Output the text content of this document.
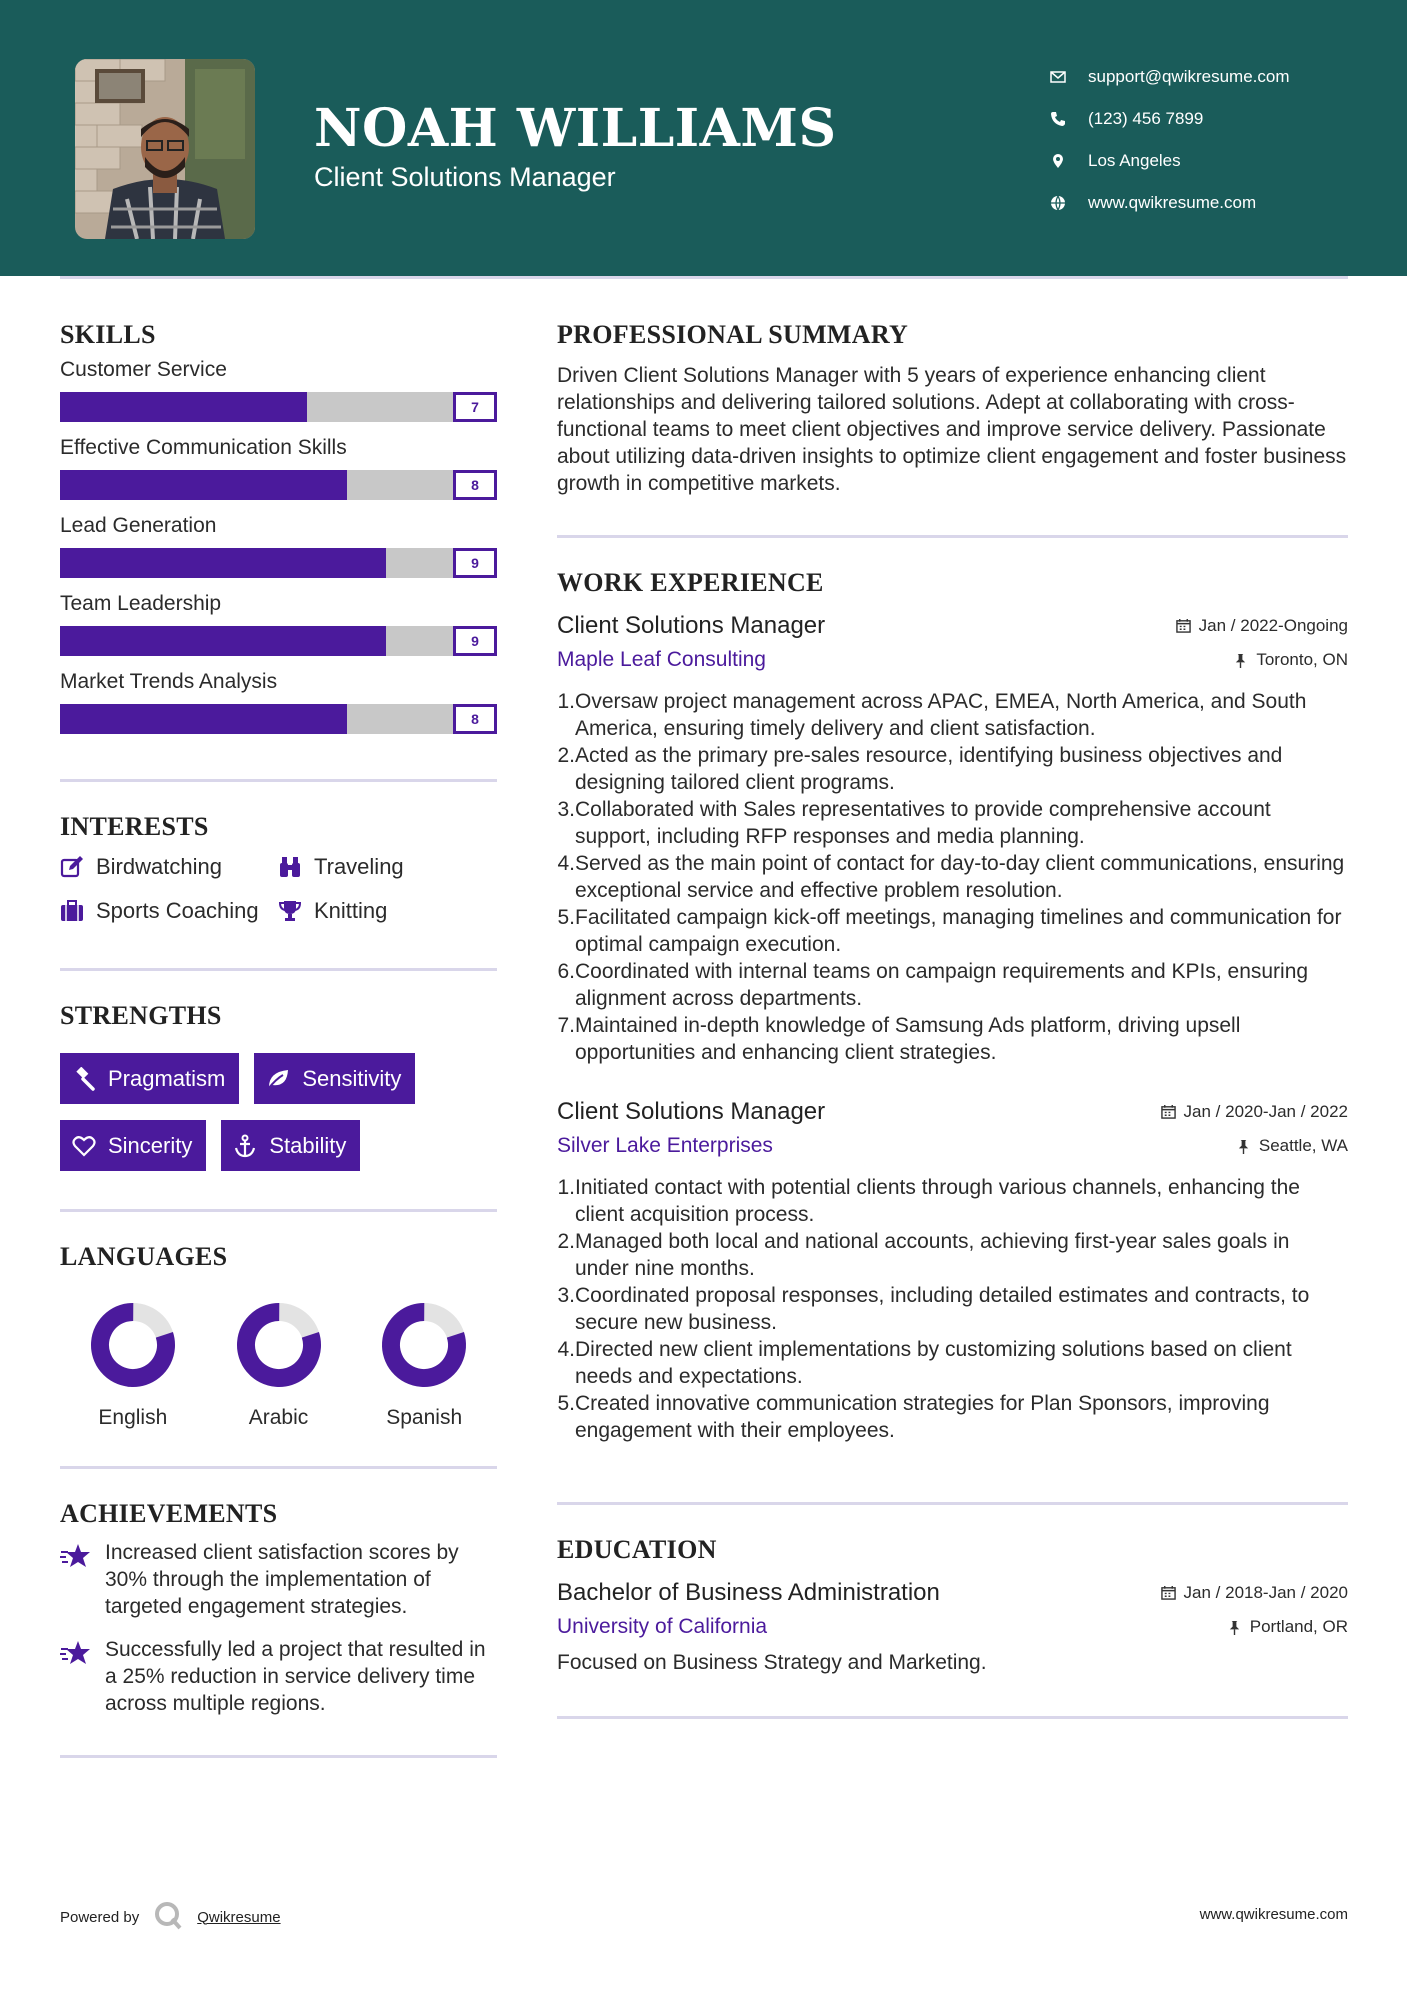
NOAH WILLIAMS
Client Solutions Manager
support@qwikresume.com
(123) 456 7899
Los Angeles
www.qwikresume.com
SKILLS
Customer Service
7
Effective Communication Skills
8
Lead Generation
9
Team Leadership
9
Market Trends Analysis
8
INTERESTS
Birdwatching	Traveling
Sports Coaching	Knitting
STRENGTHS
Pragmatism	Sensitivity
Sincerity	Stability
LANGUAGES
English	Arabic	Spanish
ACHIEVEMENTS
Increased client satisfaction scores by 30% through the implementation of targeted engagement strategies.
Successfully led a project that resulted in a 25% reduction in service delivery time across multiple regions.
PROFESSIONAL SUMMARY
Driven Client Solutions Manager with 5 years of experience enhancing client relationships and delivering tailored solutions. Adept at collaborating with cross-functional teams to meet client objectives and improve service delivery. Passionate about utilizing data-driven insights to optimize client engagement and foster business growth in competitive markets.
WORK EXPERIENCE
Client Solutions Manager	Jan / 2022-Ongoing
Maple Leaf Consulting	Toronto, ON
1. Oversaw project management across APAC, EMEA, North America, and South America, ensuring timely delivery and client satisfaction.
2. Acted as the primary pre-sales resource, identifying business objectives and designing tailored client programs.
3. Collaborated with Sales representatives to provide comprehensive account support, including RFP responses and media planning.
4. Served as the main point of contact for day-to-day client communications, ensuring exceptional service and effective problem resolution.
5. Facilitated campaign kick-off meetings, managing timelines and communication for optimal campaign execution.
6. Coordinated with internal teams on campaign requirements and KPIs, ensuring alignment across departments.
7. Maintained in-depth knowledge of Samsung Ads platform, driving upsell opportunities and enhancing client strategies.
Client Solutions Manager	Jan / 2020-Jan / 2022
Silver Lake Enterprises	Seattle, WA
1. Initiated contact with potential clients through various channels, enhancing the client acquisition process.
2. Managed both local and national accounts, achieving first-year sales goals in under nine months.
3. Coordinated proposal responses, including detailed estimates and contracts, to secure new business.
4. Directed new client implementations by customizing solutions based on client needs and expectations.
5. Created innovative communication strategies for Plan Sponsors, improving engagement with their employees.
EDUCATION
Bachelor of Business Administration	Jan / 2018-Jan / 2020
University of California	Portland, OR
Focused on Business Strategy and Marketing.
Powered by	Qwikresume	www.qwikresume.com
